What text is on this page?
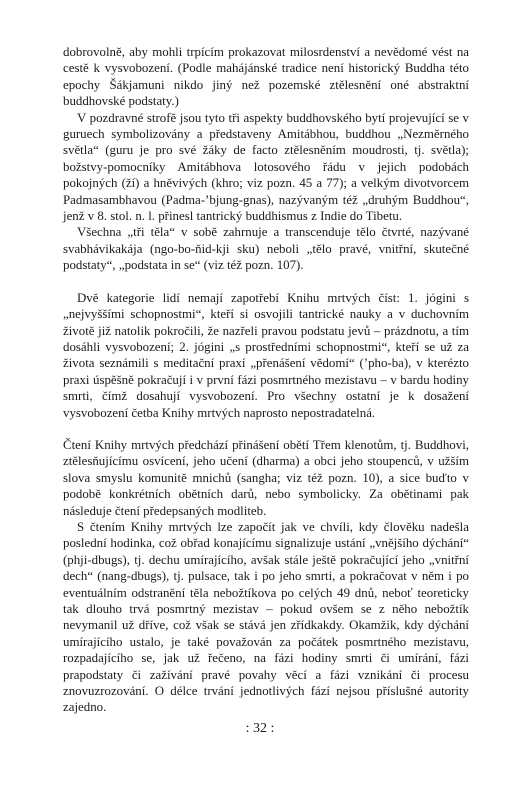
dobrovolně, aby mohli trpícím prokazovat milosrdenství a nevědomé vést na cestě k vysvobození. (Podle mahájánské tradice není historický Buddha této epochy Šákjamuni nikdo jiný než pozemské ztělesnění oné abstraktní buddhovské podstaty.)

V pozdravné strofě jsou tyto tři aspekty buddhovského bytí projevující se v guruech symbolizovány a představeny Amitábhou, buddhou „Nezměrného světla“ (guru je pro své žáky de facto ztělesněním moudrosti, tj. světla); božstvy-pomocníky Amitábhova lotosového řádu v jejich podobách pokojných (ží) a hněvivých (khro; viz pozn. 45 a 77); a velkým divotvorcem Padmasambhavou (Padma-’bjung-gnas), nazývaným též „druhým Buddhou“, jenž v 8. stol. n. l. přinesl tantrický buddhismus z Indie do Tibetu.

Všechna „tři těla“ v sobě zahrnuje a transcenduje tělo čtvrté, nazývané svabhávikakája (ngo-bo-ňid-kji sku) neboli „tělo pravé, vnitřní, skutečné podstaty“, „podstata in se“ (viz též pozn. 107).

Dvě kategorie lidí nemají zapotřebí Knihu mrtvých číst: 1. jógini s „nejvyššími schopnostmi“, kteří si osvojili tantrické nauky a v duchovním životě již natolik pokročili, že nazřeli pravou podstatu jevů – prázdnotu, a tím dosáhli vysvobození; 2. jógini „s prostředními schopnostmi“, kteří se už za života seznámili s meditační praxí „přenášení vědomí“ (’pho-ba), v kterézto praxi úspěšně pokračují i v první fázi posmrtného mezistavu – v bardu hodiny smrti, čímž dosahují vysvobození. Pro všechny ostatní je k dosažení vysvobození četba Knihy mrtvých naprosto nepostradatelná.

Čtení Knihy mrtvých předchází přinášení obětí Třem klenotům, tj. Buddhovi, ztělesňujícímu osvícení, jeho učení (dharma) a obci jeho stoupenců, v užším slova smyslu komunitě mnichů (sangha; viz též pozn. 10), a sice buďto v podobě konkrétních obětních darů, nebo symbolicky. Za obětinami pak následuje čtení předepsaných modliteb.

S čtením Knihy mrtvých lze započít jak ve chvíli, kdy člověku nadešla poslední hodinka, což obřad konajícímu signalizuje ustání „vnějšího dýchání“ (phji-dbugs), tj. dechu umírajícího, avšak stále ještě pokračující jeho „vnitřní dech“ (nang-dbugs), tj. pulsace, tak i po jeho smrti, a pokračovat v něm i po eventuálním odstranění těla nebožtíkova po celých 49 dnů, neboť teoreticky tak dlouho trvá posmrtný mezistav – pokud ovšem se z něho nebožtík nevymanil už dříve, což však se stává jen zřídkakdy. Okamžik, kdy dýchání umírajícího ustalo, je také považován za počátek posmrtného mezistavu, rozpadajícího se, jak už řečeno, na fázi hodiny smrti či umírání, fázi prapodstaty či zažívání pravé povahy věcí a fázi vznikání či procesu znovuzrozování. O délce trvání jednotlivých fází nejsou příslušné autority zajedno.

: 32 :
